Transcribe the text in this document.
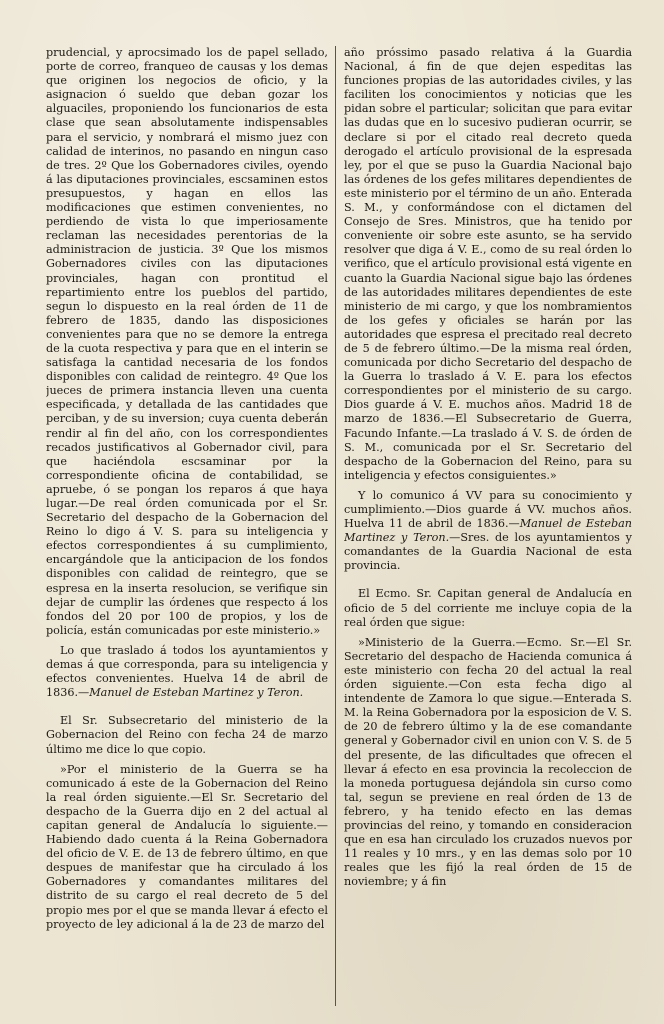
prudencial, y aprocsimado los de papel sellado, porte de correo, franqueo de causas y los demas que originen los negocios de oficio, y la asignacion ó sueldo que deban gozar los alguaciles, proponiendo los funcionarios de esta clase que sean absolutamente indispensables para el servicio, y nombrará el mismo juez con calidad de interinos, no pasando en ningun caso de tres. 2º Que los Gobernadores civiles, oyendo á las diputaciones provinciales, escsaminen estos presupuestos, y hagan en ellos las modificaciones que estimen convenientes, no perdiendo de vista lo que imperiosamente reclaman las necesidades perentorias de la administracion de justicia. 3º Que los mismos Gobernadores civiles con las diputaciones provinciales, hagan con prontitud el repartimiento entre los pueblos del partido, segun lo dispuesto en la real órden de 11 de febrero de 1835, dando las disposiciones convenientes para que no se demore la entrega de la cuota respectiva y para que en el interin se satisfaga la cantidad necesaria de los fondos disponibles con calidad de reintegro. 4º Que los jueces de primera instancia lleven una cuenta especificada, y detallada de las cantidades que perciban, y de su inversion; cuya cuenta deberán rendir al fin del año, con los correspondientes recados justificativos al Gobernador civil, para que haciéndola escsaminar por la correspondiente oficina de contabilidad, se apruebe, ó se pongan los reparos á que haya lugar.—De real órden comunicada por el Sr. Secretario del despacho de la Gobernacion del Reino lo digo á V. S. para su inteligencia y efectos correspondientes á su cumplimiento, encargándole que la anticipacion de los fondos disponibles con calidad de reintegro, que se espresa en la inserta resolucion, se verifique sin dejar de cumplir las órdenes que respecto á los fondos del 20 por 100 de propios, y los de policía, están comunicadas por este ministerio.»

Lo que traslado á todos los ayuntamientos y demas á que corresponda, para su inteligencia y efectos convenientes. Huelva 14 de abril de 1836.—Manuel de Esteban Martinez y Teron.

El Sr. Subsecretario del ministerio de la Gobernacion del Reino con fecha 24 de marzo último me dice lo que copio.

»Por el ministerio de la Guerra se ha comunicado á este de la Gobernacion del Reino la real órden siguiente.—El Sr. Secretario del despacho de la Guerra dijo en 2 del actual al capitan general de Andalucía lo siguiente.—Habiendo dado cuenta á la Reina Gobernadora del oficio de V. E. de 13 de febrero último, en que despues de manifestar que ha circulado á los Gobernadores y comandantes militares del distrito de su cargo el real decreto de 5 del propio mes por el que se manda llevar á efecto el proyecto de ley adicional á la de 23 de marzo del

año próssimo pasado relativa á la Guardia Nacional, á fin de que dejen espeditas las funciones propias de las autoridades civiles, y las faciliten los conocimientos y noticias que les pidan sobre el particular; solicitan que para evitar las dudas que en lo sucesivo pudieran ocurrir, se declare si por el citado real decreto queda derogado el artículo provisional de la espresada ley, por el que se puso la Guardia Nacional bajo las órdenes de los gefes militares dependientes de este ministerio por el término de un año. Enterada S. M., y conformándose con el dictamen del Consejo de Sres. Ministros, que ha tenido por conveniente oir sobre este asunto, se ha servido resolver que diga á V. E., como de su real órden lo verifico, que el artículo provisional está vigente en cuanto la Guardia Nacional sigue bajo las órdenes de las autoridades militares dependientes de este ministerio de mi cargo, y que los nombramientos de los gefes y oficiales se harán por las autoridades que espresa el precitado real decreto de 5 de febrero último.—De la misma real órden, comunicada por dicho Secretario del despacho de la Guerra lo traslado á V. E. para los efectos correspondientes por el ministerio de su cargo. Dios guarde á V. E. muchos años. Madrid 18 de marzo de 1836.—El Subsecretario de Guerra, Facundo Infante.—La traslado á V. S. de órden de S. M., comunicada por el Sr. Secretario del despacho de la Gobernacion del Reino, para su inteligencia y efectos consiguientes.»

Y lo comunico á VV para su conocimiento y cumplimiento.—Dios guarde á VV. muchos años. Huelva 11 de abril de 1836.—Manuel de Esteban Martinez y Teron.—Sres. de los ayuntamientos y comandantes de la Guardia Nacional de esta provincia.

El Ecmo. Sr. Capitan general de Andalucía en oficio de 5 del corriente me incluye copia de la real órden que sigue:

»Ministerio de la Guerra.—Ecmo. Sr.—El Sr. Secretario del despacho de Hacienda comunica á este ministerio con fecha 20 del actual la real órden siguiente.—Con esta fecha digo al intendente de Zamora lo que sigue.—Enterada S. M. la Reina Gobernadora por la esposicion de V. S. de 20 de febrero último y la de ese comandante general y Gobernador civil en union con V. S. de 5 del presente, de las dificultades que ofrecen el llevar á efecto en esa provincia la recoleccion de la moneda portuguesa dejándola sin curso como tal, segun se previene en real órden de 13 de febrero, y ha tenido efecto en las demas provincias del reino, y tomando en consideracion que en esa han circulado los cruzados nuevos por 11 reales y 10 mrs., y en las demas solo por 10 reales que les fijó la real órden de 15 de noviembre; y á fin
